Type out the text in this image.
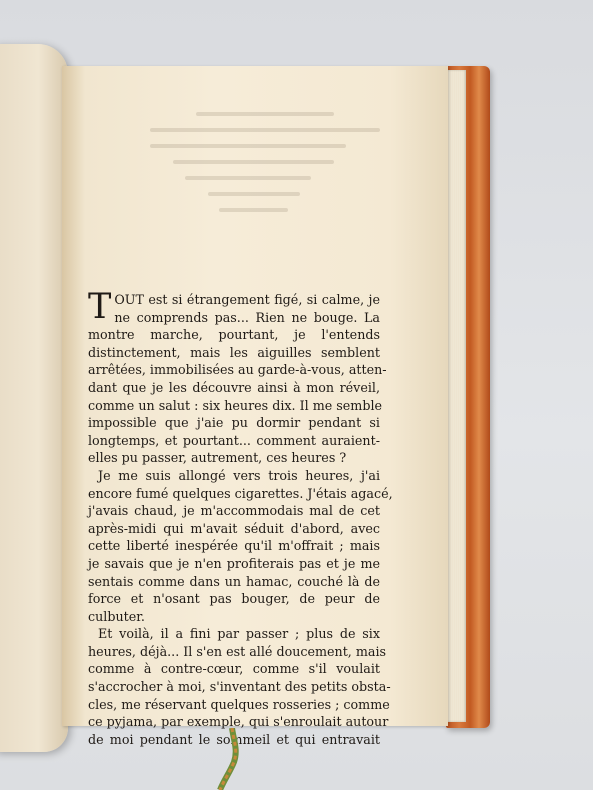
T OUT est si étrangement figé, si calme, je
ne comprends pas... Rien ne bouge. La
montre marche, pourtant, je l'entends
distinctement, mais les aiguilles semblent
arrêtées, immobilisées au garde-à-vous, atten-
dant que je les découvre ainsi à mon réveil,
comme un salut : six heures dix. Il me semble
impossible que j'aie pu dormir pendant si
longtemps, et pourtant... comment auraient-
elles pu passer, autrement, ces heures ?

Je me suis allongé vers trois heures, j'ai
encore fumé quelques cigarettes. J'étais agacé,
j'avais chaud, je m'accommodais mal de cet
après-midi qui m'avait séduit d'abord, avec
cette liberté inespérée qu'il m'offrait ; mais
je savais que je n'en profiterais pas et je me
sentais comme dans un hamac, couché là de
force et n'osant pas bouger, de peur de
culbuter.

Et voilà, il a fini par passer ; plus de six
heures, déjà... Il s'en est allé doucement, mais
comme à contre-cœur, comme s'il voulait
s'accrocher à moi, s'inventant des petits obsta-
cles, me réservant quelques rosseries ; comme
ce pyjama, par exemple, qui s'enroulait autour
de moi pendant le sommeil et qui entravait
